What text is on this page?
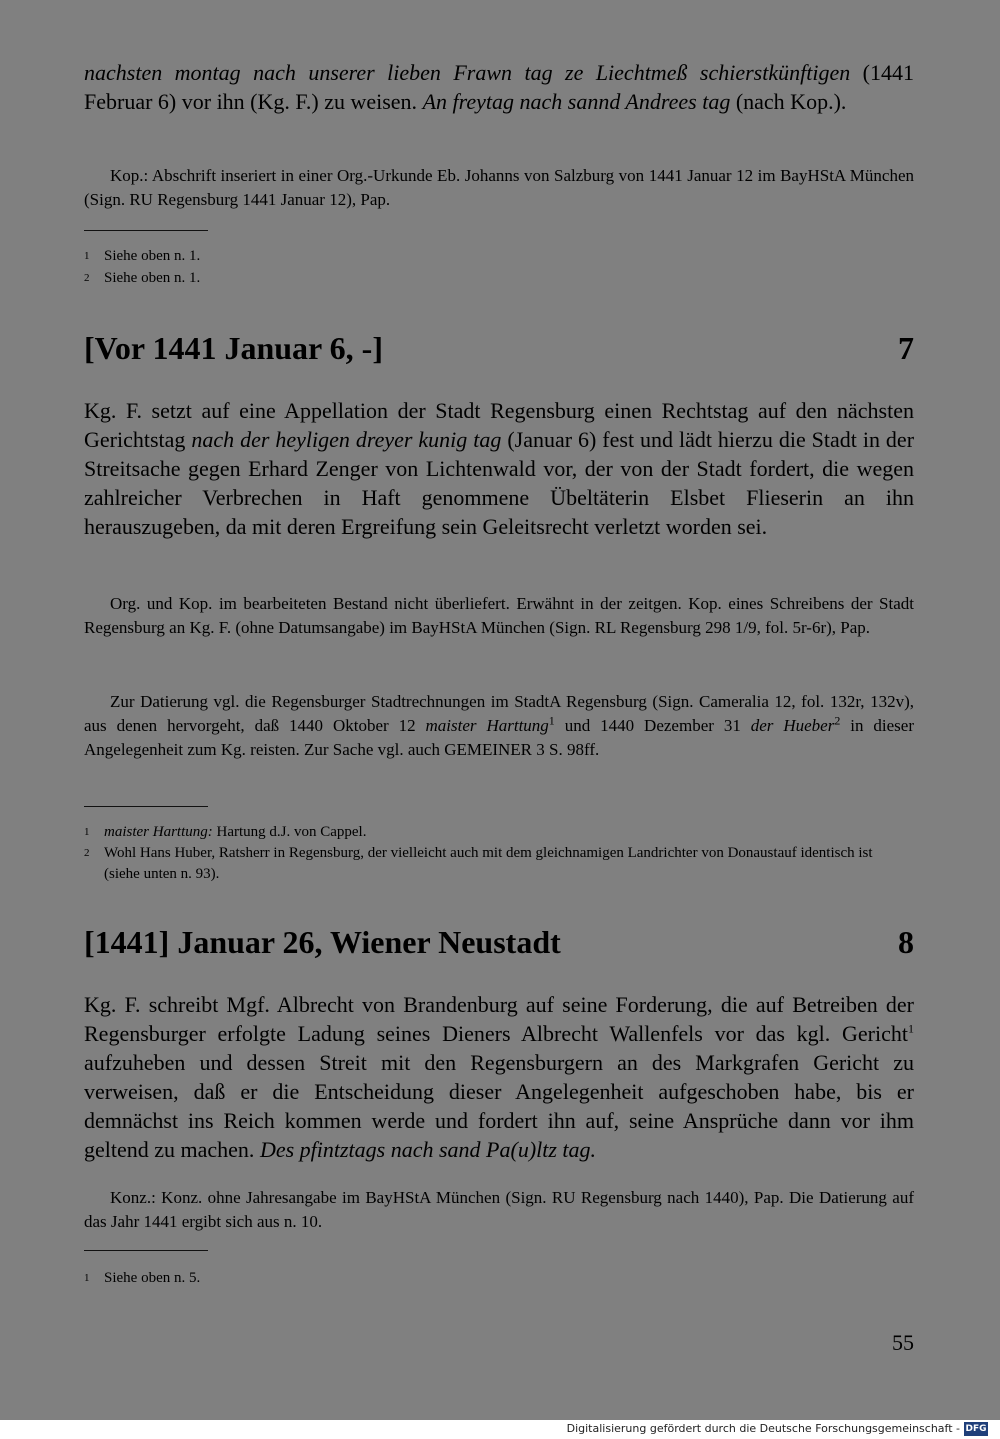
nachsten montag nach unserer lieben Frawn tag ze Liechtmeß schierstkünftigen (1441 Februar 6) vor ihn (Kg. F.) zu weisen. An freytag nach sannd Andrees tag (nach Kop.).
Kop.: Abschrift inseriert in einer Org.-Urkunde Eb. Johanns von Salzburg von 1441 Januar 12 im BayHStA München (Sign. RU Regensburg 1441 Januar 12), Pap.
1 Siehe oben n. 1.
2 Siehe oben n. 1.
[Vor 1441 Januar 6, -]	7
Kg. F. setzt auf eine Appellation der Stadt Regensburg einen Rechtstag auf den nächsten Gerichtstag nach der heyligen dreyer kunig tag (Januar 6) fest und lädt hierzu die Stadt in der Streitsache gegen Erhard Zenger von Lichtenwald vor, der von der Stadt fordert, die wegen zahlreicher Verbrechen in Haft genommene Übeltäterin Elsbet Flieserin an ihn herauszugeben, da mit deren Ergreifung sein Geleitsrecht verletzt worden sei.
Org. und Kop. im bearbeiteten Bestand nicht überliefert. Erwähnt in der zeitgen. Kop. eines Schreibens der Stadt Regensburg an Kg. F. (ohne Datumsangabe) im BayHStA München (Sign. RL Regensburg 298 1/9, fol. 5r-6r), Pap.
Zur Datierung vgl. die Regensburger Stadtrechnungen im StadtA Regensburg (Sign. Cameralia 12, fol. 132r, 132v), aus denen hervorgeht, daß 1440 Oktober 12 maister Harttung$^1$ und 1440 Dezember 31 der Hueber$^2$ in dieser Angelegenheit zum Kg. reisten. Zur Sache vgl. auch GEMEINER 3 S. 98ff.
1 maister Harttung: Hartung d.J. von Cappel.
2 Wohl Hans Huber, Ratsherr in Regensburg, der vielleicht auch mit dem gleichnamigen Landrichter von Donaustauf identisch ist (siehe unten n. 93).
[1441] Januar 26, Wiener Neustadt	8
Kg. F. schreibt Mgf. Albrecht von Brandenburg auf seine Forderung, die auf Betreiben der Regensburger erfolgte Ladung seines Dieners Albrecht Wallenfels vor das kgl. Gericht$^1$ aufzuheben und dessen Streit mit den Regensburgern an des Markgrafen Gericht zu verweisen, daß er die Entscheidung dieser Angelegenheit aufgeschoben habe, bis er demnächst ins Reich kommen werde und fordert ihn auf, seine Ansprüche dann vor ihm geltend zu machen. Des pfintztags nach sand Pa(u)ltz tag.
Konz.: Konz. ohne Jahresangabe im BayHStA München (Sign. RU Regensburg nach 1440), Pap. Die Datierung auf das Jahr 1441 ergibt sich aus n. 10.
1 Siehe oben n. 5.
55
Digitalisierung gefördert durch die Deutsche Forschungsgemeinschaft - DFG
